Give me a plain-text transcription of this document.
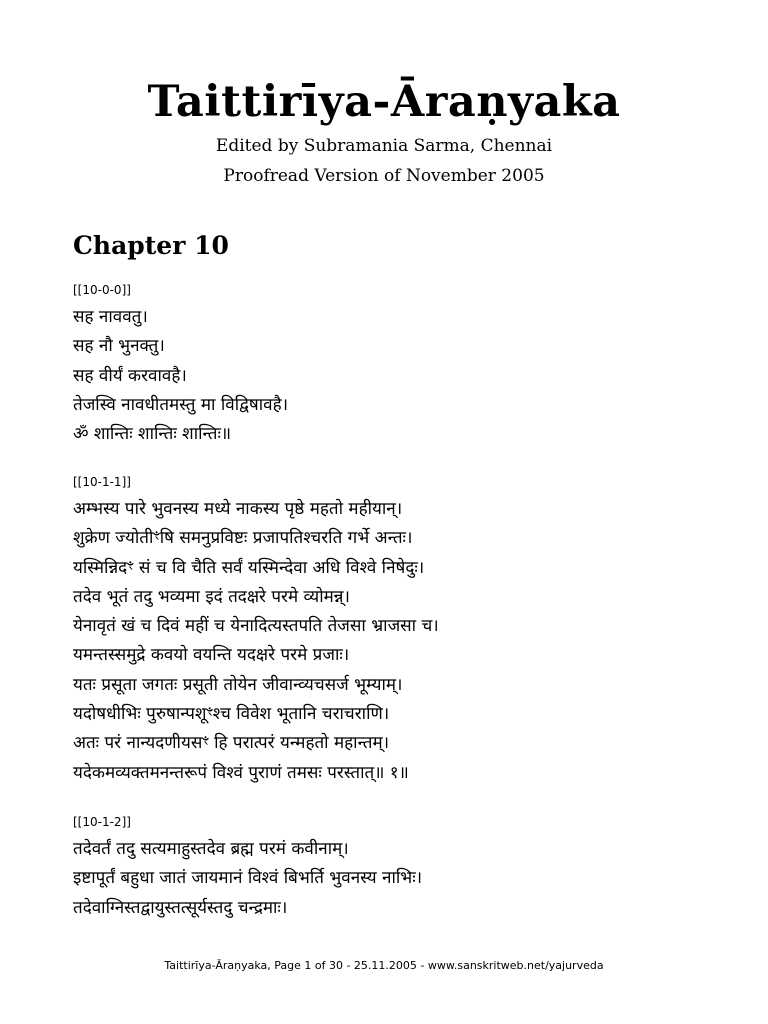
Taittirīya-Āraṇyaka
Edited by Subramania Sarma, Chennai
Proofread Version of November 2005
Chapter 10
[[10-0-0]]
सह नाववतु।
सह नौ भुनक्तु।
सह वीर्यं करवावहै।
तेजस्वि नावधीतमस्तु मा विद्विषावहै।
ॐ शान्तिः शान्तिः शान्तिः॥
[[10-1-1]]
अम्भस्य पारे भुवनस्य मध्ये नाकस्य पृष्ठे महतो महीयान्।
शुक्रेण ज्योतीꣳषि समनुप्रविष्टः प्रजापतिश्चरति गर्भे अन्तः।
यस्मिन्निदꣳ सं च वि चैति सर्वं यस्मिन्देवा अधि विश्वे निषेदुः।
तदेव भूतं तदु भव्यमा इदं तदक्षरे परमे व्योमन्न्।
येनावृतं खं च दिवं महीं च येनादित्यस्तपति तेजसा भ्राजसा च।
यमन्तस्समुद्रे कवयो वयन्ति यदक्षरे परमे प्रजाः।
यतः प्रसूता जगतः प्रसूती तोयेन जीवान्व्यचसर्ज भूम्याम्।
यदोषधीभिः पुरुषान्पशूꣳश्च विवेश भूतानि चराचराणि।
अतः परं नान्यदणीयसꣳ हि परात्परं यन्महतो महान्तम्।
यदेकमव्यक्तमनन्तरूपं विश्वं पुराणं तमसः परस्तात्॥ १॥
[[10-1-2]]
तदेवर्तं तदु सत्यमाहुस्तदेव ब्रह्म परमं कवीनाम्।
इष्टापूर्तं बहुधा जातं जायमानं विश्वं बिभर्ति भुवनस्य नाभिः।
तदेवाग्निस्तद्वायुस्तत्सूर्यस्तदु चन्द्रमाः।
Taittirīya-Āraṇyaka, Page 1 of 30 - 25.11.2005 - www.sanskritweb.net/yajurveda
